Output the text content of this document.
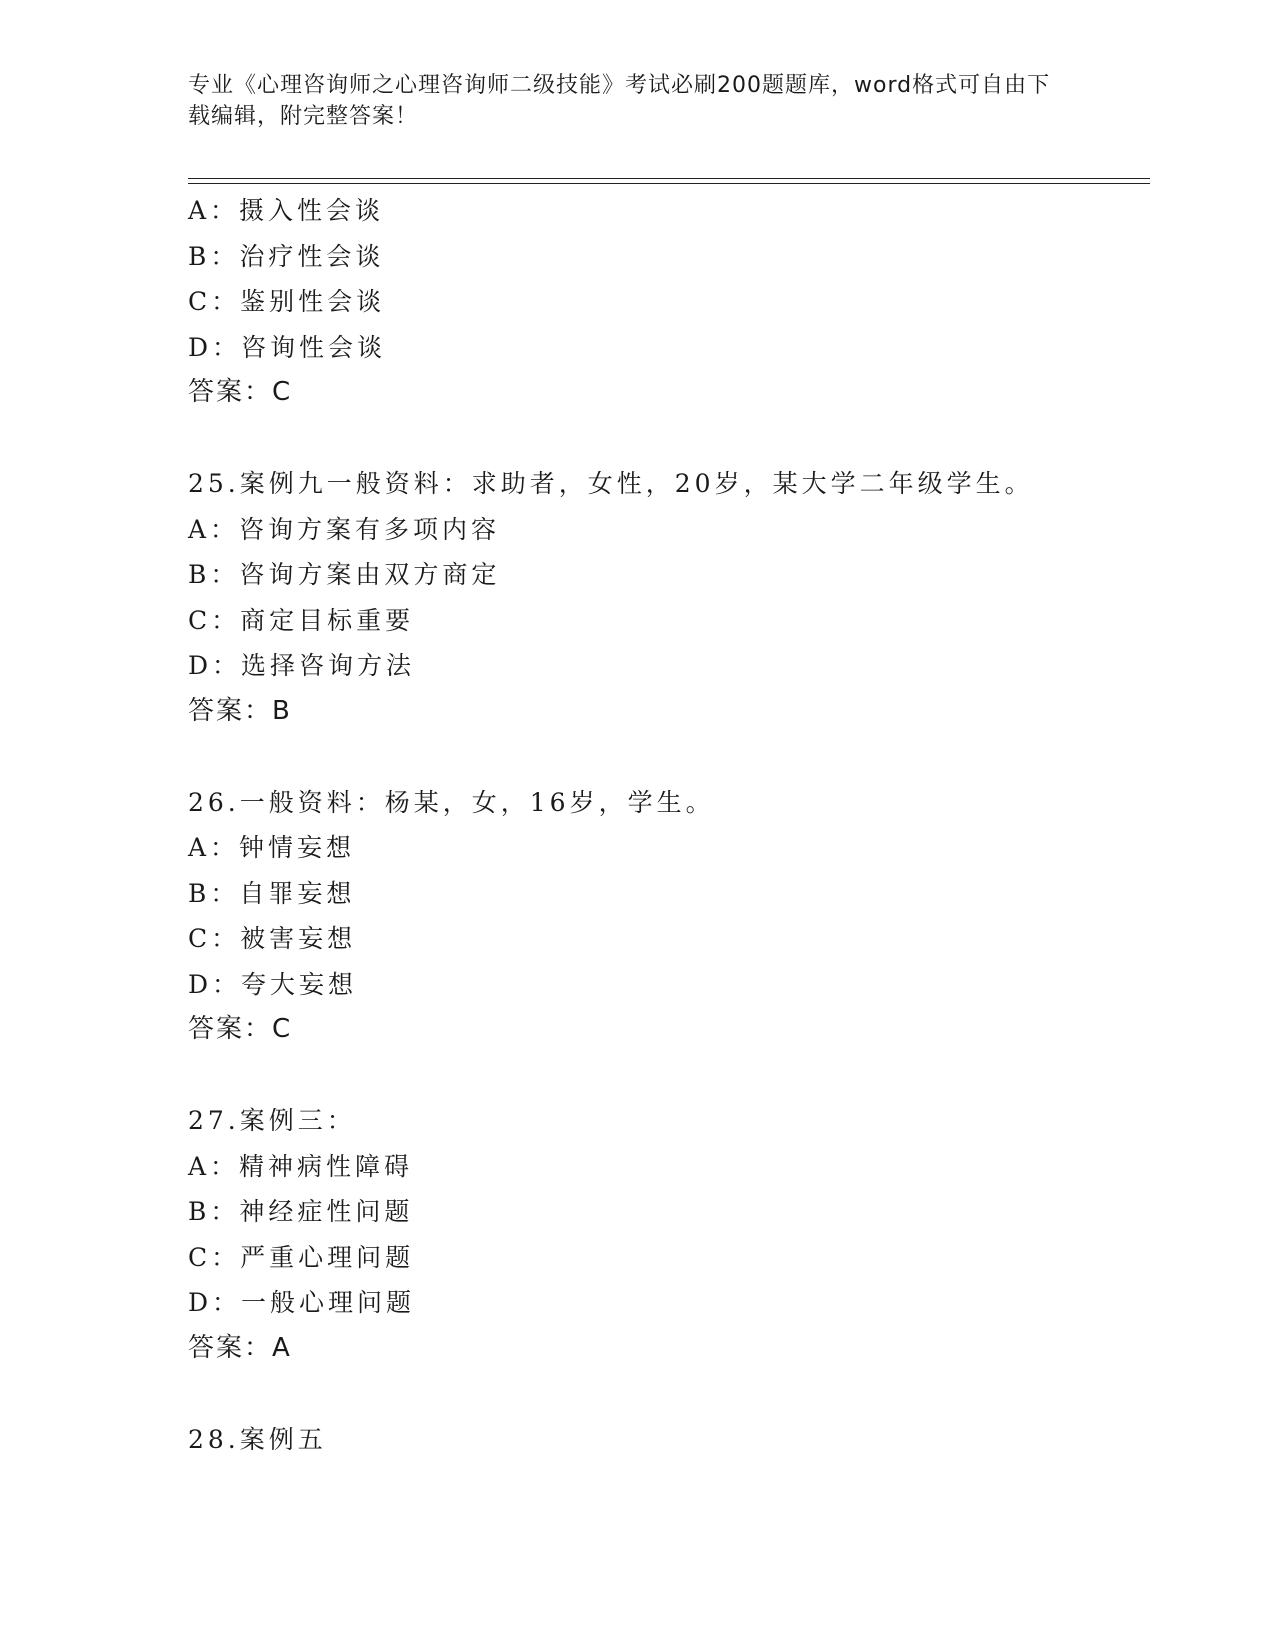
专业《心理咨询师之心理咨询师二级技能》考试必刷200题题库，word格式可自由下载编辑，附完整答案！
A：摄入性会谈
B：治疗性会谈
C：鉴别性会谈
D：咨询性会谈
答案：C
25.案例九一般资料：求助者，女性，20岁，某大学二年级学生。
A：咨询方案有多项内容
B：咨询方案由双方商定
C：商定目标重要
D：选择咨询方法
答案：B
26.一般资料：杨某，女，16岁，学生。
A：钟情妄想
B：自罪妄想
C：被害妄想
D：夸大妄想
答案：C
27.案例三：
A：精神病性障碍
B：神经症性问题
C：严重心理问题
D：一般心理问题
答案：A
28.案例五
